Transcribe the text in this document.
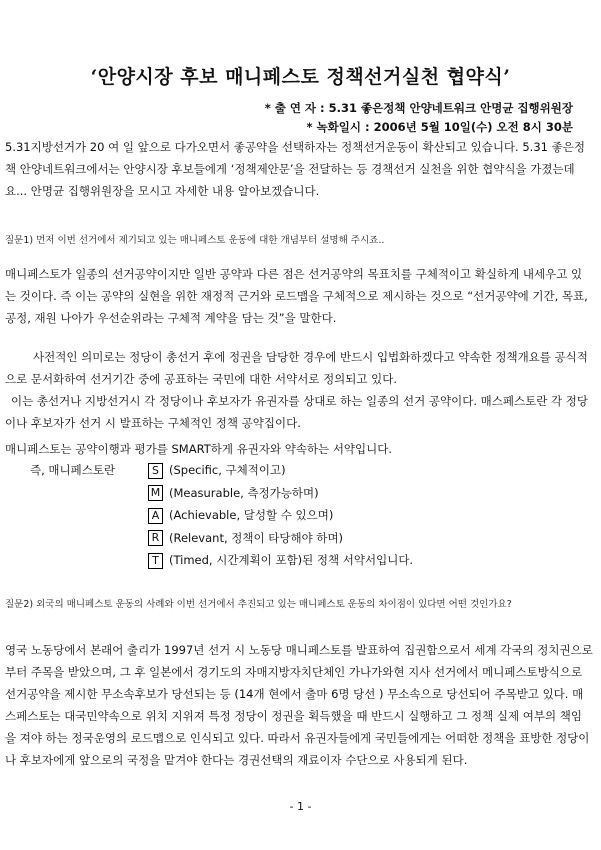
‘안양시장 후보 매니페스토 정책선거실천 협약식’
* 출 연 자 : 5.31 좋은정책 안양네트워크 안명균 집행위원장
* 녹화일시 : 2006년 5월 10일(수) 오전 8시 30분
5.31지방선거가 20 여 일 앞으로 다가오면서 좋공약을 선택하자는 정책선거운동이 확산되고 있습니다. 5.31 좋은정책 안양네트워크에서는 안양시장 후보들에게 ‘정책제안문’을 전달하는 등 경책선거 실천을 위한 협약식을 가졌는데요... 안명균 집행위원장을 모시고 자세한 내용 알아보겠습니다.
질문1) 먼저 이번 선거에서 제기되고 있는 매니페스토 운동에 대한 개념부터 설명해 주시죠..
매니페스토가 일종의 선거공약이지만 일반 공약과 다른 점은 선거공약의 목표치를 구체적이고 확실하게 내세우고 있는 것이다. 즉 이는 공약의 실현을 위한 재정적 근거와 로드맵을 구체적으로 제시하는 것으로 “선거공약에 기간, 목표, 공정, 재원 나아가 우선순위라는 구체적 계약을 담는 것”을 말한다.
사전적인 의미로는 정당이 총선거 후에 정권을 담당한 경우에 반드시 입법화하겠다고 약속한 정책개요를 공식적으로 문서화하여 선거기간 중에 공표하는 국민에 대한 서약서로 정의되고 있다.
이는 총선거나 지방선거시 각 정당이나 후보자가 유권자를 상대로 하는 일종의 선거 공약이다. 매스페스토란 각 정당이나 후보자가 선거 시 발표하는 구체적인 정책 공약집이다.
매니페스토는 공약이행과 평가를 SMART하게 유권자와 약속하는 서약입니다.
즉, 매니페스토란	S (Specific, 구체적이고)
M (Measurable, 측정가능하며)
A (Achievable, 달성할 수 있으며)
R (Relevant, 정책이 타당해야 하며)
T (Timed, 시간계획이 포함)된 정책 서약서입니다.
질문2) 외국의 매니페스토 운동의 사례와 이번 선거에서 추진되고 있는 매니페스토 운동의 차이점이 있다면 어떤 것인가요?
영국 노동당에서 본래어 출리가 1997년 선거 시 노동당 매니페스토를 발표하여 집권함으로서 세계 각국의 정치권으로부터 주목을 받았으며, 그 후 일본에서 경기도의 자매지방자치단체인 가나가와현 지사 선거에서 메니페스토방식으로 선거공약을 제시한 무소속후보가 당선되는 등 (14개 현에서 출마 6명 당선 ) 무소속으로 당선되어 주목받고 있다. 매스페스토는 대국민약속으로 위치 지위져 특정 정당이 정권을 획득했을 때 반드시 실행하고 그 정책 실제 여부의 책임을 져야 하는 정국운영의 로드맵으로 인식되고 있다. 따라서 유권자들에게 국민들에게는 어떠한 정책을 표방한 정당이나 후보자에게 앞으로의 국정을 맡겨야 한다는 경권선택의 재료이자 수단으로 사용되게 된다.
- 1 -
